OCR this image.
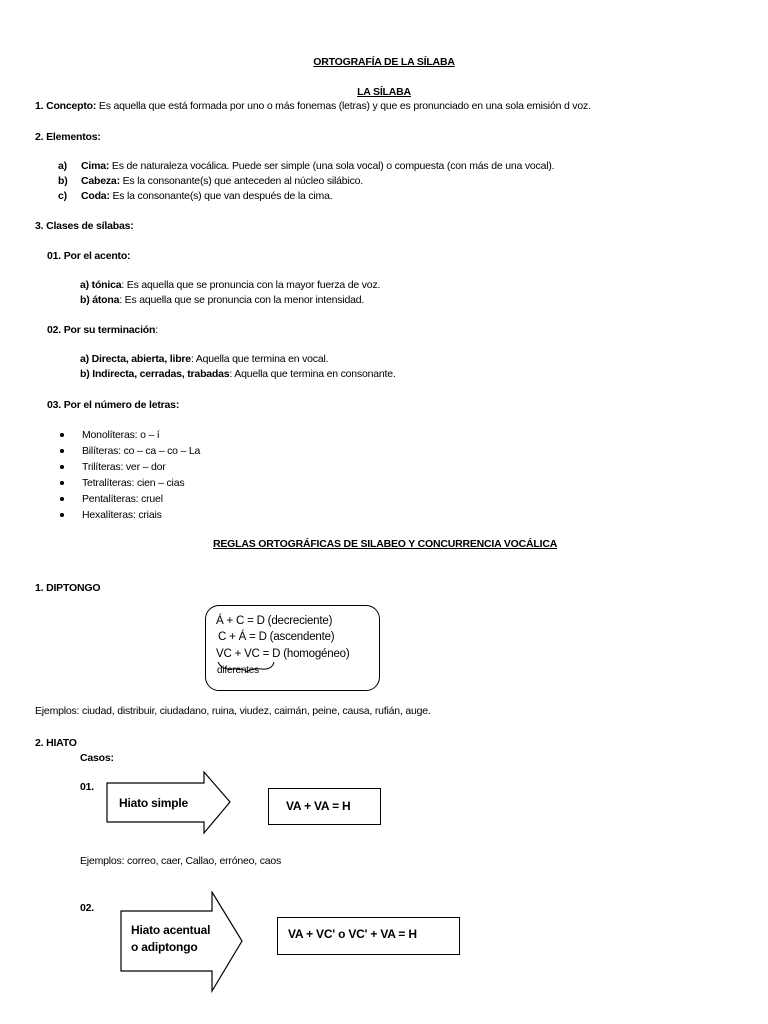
ORTOGRAFÍA DE LA SÍLABA
LA SÍLABA
1. Concepto: Es aquella que está formada por uno o más fonemas (letras) y que es pronunciado en una sola emisión d voz.
2. Elementos:
a) Cima: Es de naturaleza vocálica. Puede ser simple (una sola vocal) o compuesta (con más de una vocal).
b) Cabeza: Es la consonante(s) que anteceden al núcleo silábico.
c) Coda: Es la consonante(s) que van después de la cima.
3. Clases de sílabas:
01. Por el acento:
a) tónica: Es aquella que se pronuncia con la mayor fuerza de voz.
b) átona: Es aquella que se pronuncia con la menor intensidad.
02. Por su terminación:
a) Directa, abierta, libre: Aquella que termina en vocal.
b) Indirecta, cerradas, trabadas: Aquella que termina en consonante.
03. Por el número de letras:
Monolíteras: o – í
Bilíteras: co – ca – co – La
Trilíteras: ver – dor
Tetralíteras: cien – cias
Pentalíteras: cruel
Hexalíteras: criais
REGLAS ORTOGRÁFICAS DE SILABEO Y CONCURRENCIA VOCÁLICA
1. DIPTONGO
Á + C = D (decreciente)
C + Á = D (ascendente)
VC + VC = D (homogéneo)
diferentes
Ejemplos: ciudad, distribuir, ciudadano, ruina, viudez, caimán, peine, causa, rufián, auge.
2. HIATO
Casos:
01.
Hiato simple	VA + VA = H
Ejemplos: correo, caer, Callao, erróneo, caos
02.
Hiato acentual
o adiptongo
VA + VC' o VC' + VA = H
